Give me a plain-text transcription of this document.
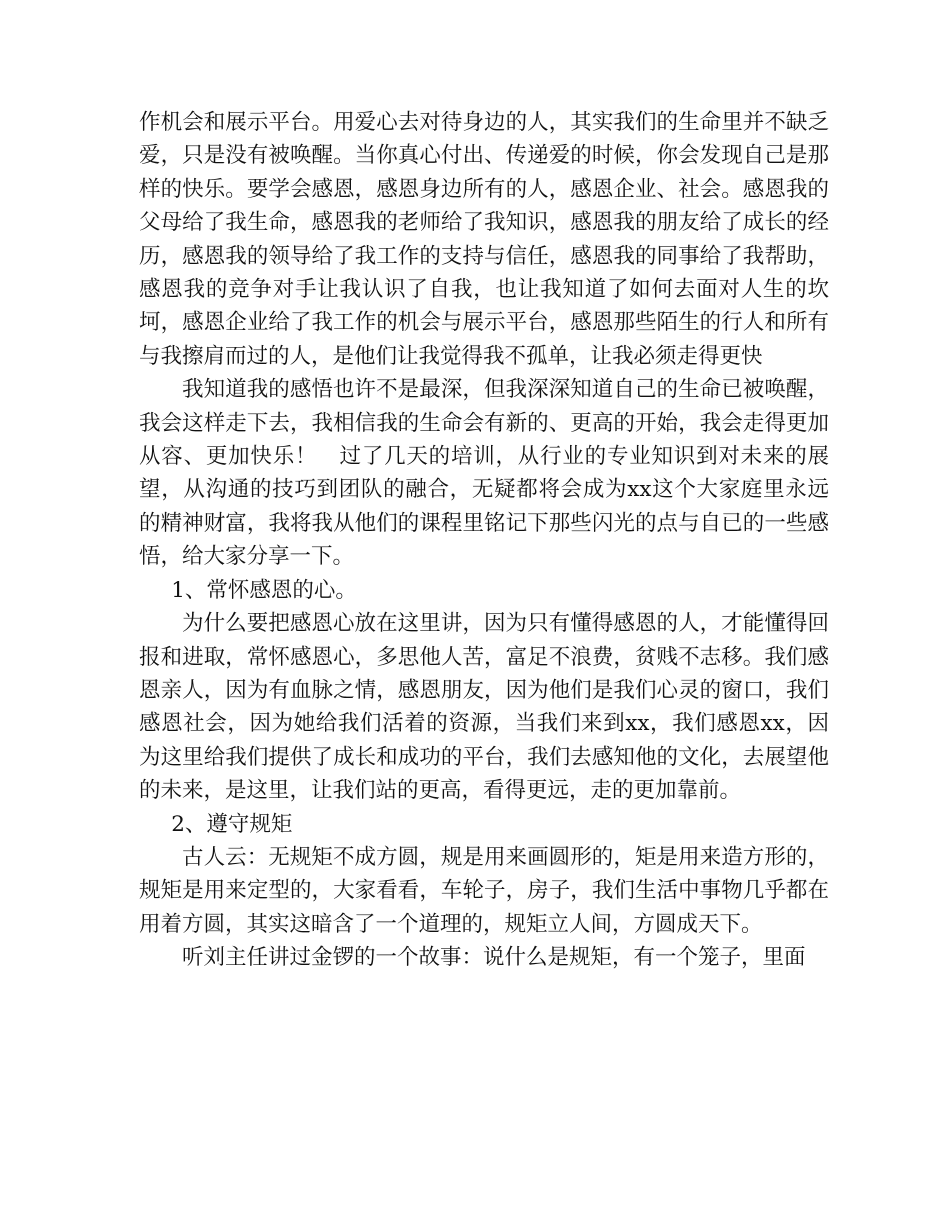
作机会和展示平台。用爱心去对待身边的人，其实我们的生命里并不缺乏爱，只是没有被唤醒。当你真心付出、传递爱的时候，你会发现自己是那样的快乐。要学会感恩，感恩身边所有的人，感恩企业、社会。感恩我的父母给了我生命，感恩我的老师给了我知识，感恩我的朋友给了成长的经历，感恩我的领导给了我工作的支持与信任，感恩我的同事给了我帮助，感恩我的竞争对手让我认识了自我，也让我知道了如何去面对人生的坎坷，感恩企业给了我工作的机会与展示平台，感恩那些陌生的行人和所有与我擦肩而过的人，是他们让我觉得我不孤单，让我必须走得更快

我知道我的感悟也许不是最深，但我深深知道自己的生命已被唤醒，我会这样走下去，我相信我的生命会有新的、更高的开始，我会走得更加从容、更加快乐！　过了几天的培训，从行业的专业知识到对未来的展望，从沟通的技巧到团队的融合，无疑都将会成为xx这个大家庭里永远的精神财富，我将我从他们的课程里铭记下那些闪光的点与自已的一些感悟，给大家分享一下。

1、常怀感恩的心。

为什么要把感恩心放在这里讲，因为只有懂得感恩的人，才能懂得回报和进取，常怀感恩心，多思他人苦，富足不浪费，贫贱不志移。我们感恩亲人，因为有血脉之情，感恩朋友，因为他们是我们心灵的窗口，我们感恩社会，因为她给我们活着的资源，当我们来到xx，我们感恩xx，因为这里给我们提供了成长和成功的平台，我们去感知他的文化，去展望他的未来，是这里，让我们站的更高，看得更远，走的更加靠前。

2、遵守规矩

古人云：无规矩不成方圆，规是用来画圆形的，矩是用来造方形的，规矩是用来定型的，大家看看，车轮子，房子，我们生活中事物几乎都在用着方圆，其实这暗含了一个道理的，规矩立人间，方圆成天下。

听刘主任讲过金锣的一个故事：说什么是规矩，有一个笼子，里面
